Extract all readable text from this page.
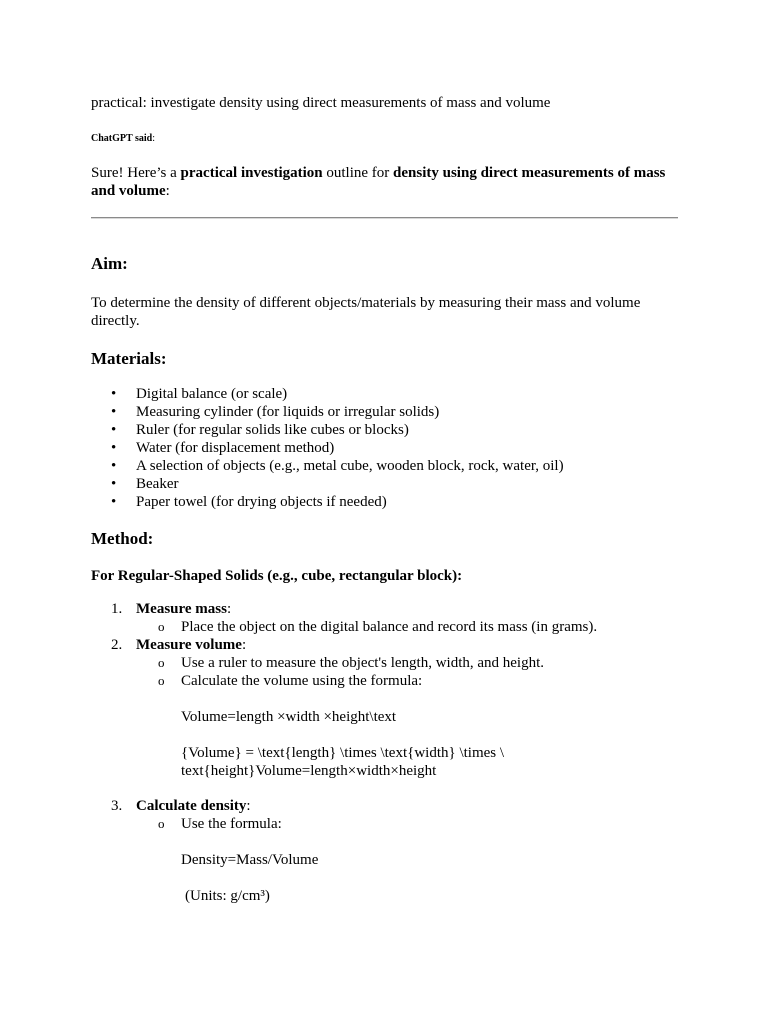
practical: investigate density using direct measurements of mass and volume

ChatGPT said:

Sure! Here’s a practical investigation outline for density using direct measurements of mass and volume:

Aim:

To determine the density of different objects/materials by measuring their mass and volume directly.

Materials:
• Digital balance (or scale)
• Measuring cylinder (for liquids or irregular solids)
• Ruler (for regular solids like cubes or blocks)
• Water (for displacement method)
• A selection of objects (e.g., metal cube, wooden block, rock, water, oil)
• Beaker
• Paper towel (for drying objects if needed)
Method:

For Regular-Shaped Solids (e.g., cube, rectangular block):

1. Measure mass:
o Place the object on the digital balance and record its mass (in grams).
2. Measure volume:
o Use a ruler to measure the object's length, width, and height.
o Calculate the volume using the formula:

Volume=length ×width ×height\text

{Volume} = \text{length} \times \text{width} \times \ text{height}Volume=length×width×height

3. Calculate density:
o Use the formula:

Density=Mass/Volume

(Units: g/cm³)
